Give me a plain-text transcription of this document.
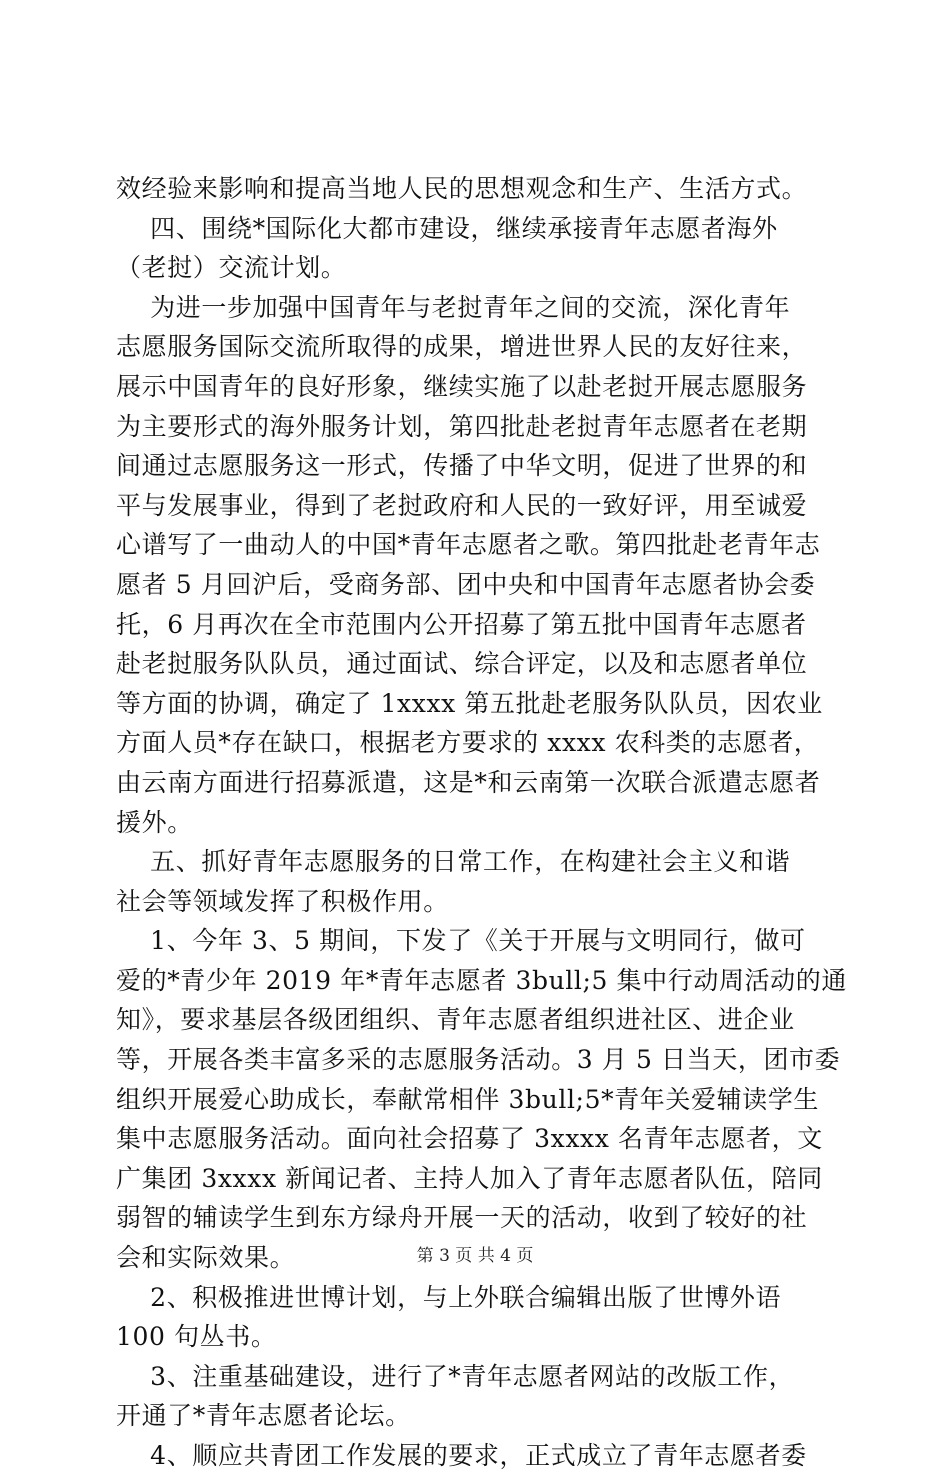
效经验来影响和提高当地人民的思想观念和生产、生活方式。
四、围绕*国际化大都市建设，继续承接青年志愿者海外
（老挝）交流计划。
为进一步加强中国青年与老挝青年之间的交流，深化青年
志愿服务国际交流所取得的成果，增进世界人民的友好往来，
展示中国青年的良好形象，继续实施了以赴老挝开展志愿服务
为主要形式的海外服务计划，第四批赴老挝青年志愿者在老期
间通过志愿服务这一形式，传播了中华文明，促进了世界的和
平与发展事业，得到了老挝政府和人民的一致好评，用至诚爱
心谱写了一曲动人的中国*青年志愿者之歌。第四批赴老青年志
愿者 5 月回沪后，受商务部、团中央和中国青年志愿者协会委
托，6 月再次在全市范围内公开招募了第五批中国青年志愿者
赴老挝服务队队员，通过面试、综合评定，以及和志愿者单位
等方面的协调，确定了 1xxxx 第五批赴老服务队队员，因农业
方面人员*存在缺口，根据老方要求的 xxxx 农科类的志愿者，
由云南方面进行招募派遣，这是*和云南第一次联合派遣志愿者
援外。
五、抓好青年志愿服务的日常工作，在构建社会主义和谐
社会等领域发挥了积极作用。
1、今年 3、5 期间，下发了《关于开展与文明同行，做可
爱的*青少年 2019 年*青年志愿者 3bull;5 集中行动周活动的通
知》，要求基层各级团组织、青年志愿者组织进社区、进企业
等，开展各类丰富多采的志愿服务活动。3 月 5 日当天，团市委
组织开展爱心助成长，奉献常相伴 3bull;5*青年关爱辅读学生
集中志愿服务活动。面向社会招募了 3xxxx 名青年志愿者，文
广集团 3xxxx 新闻记者、主持人加入了青年志愿者队伍，陪同
弱智的辅读学生到东方绿舟开展一天的活动，收到了较好的社
会和实际效果。
2、积极推进世博计划，与上外联合编辑出版了世博外语
100 句丛书。
3、注重基础建设，进行了*青年志愿者网站的改版工作，
开通了*青年志愿者论坛。
4、顺应共青团工作发展的要求，正式成立了青年志愿者委
第 3 页 共 4 页
